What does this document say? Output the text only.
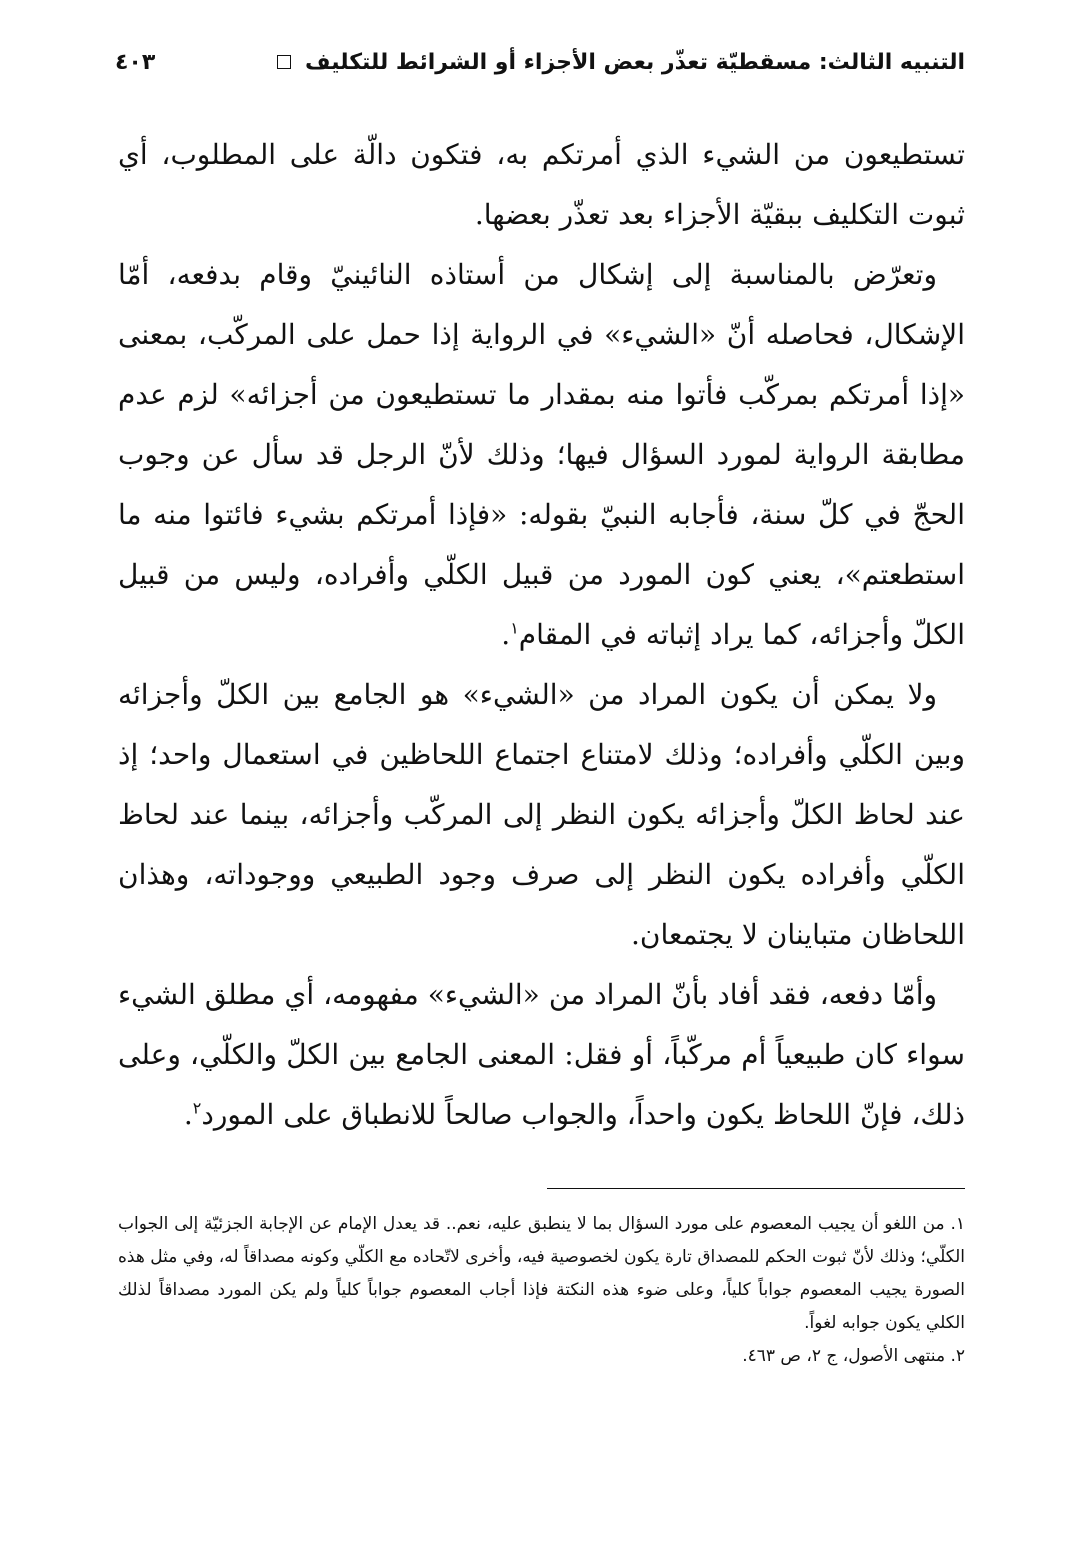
التنبيه الثالث: مسقطيّة تعذّر بعض الأجزاء أو الشرائط للتكليف
٤٠٣

تستطيعون من الشيء الذي أمرتكم به، فتكون دالّة على المطلوب، أي ثبوت التكليف ببقيّة الأجزاء بعد تعذّر بعضها.

وتعرّض بالمناسبة إلى إشكال من أستاذه النائينيّ وقام بدفعه، أمّا الإشكال، فحاصله أنّ «الشيء» في الرواية إذا حمل على المركّب، بمعنى «إذا أمرتكم بمركّب فأتوا منه بمقدار ما تستطيعون من أجزائه» لزم عدم مطابقة الرواية لمورد السؤال فيها؛ وذلك لأنّ الرجل قد سأل عن وجوب الحجّ في كلّ سنة، فأجابه النبيّ بقوله: «فإذا أمرتكم بشيء فائتوا منه ما استطعتم»، يعني كون المورد من قبيل الكلّي وأفراده، وليس من قبيل الكلّ وأجزائه، كما يراد إثباته في المقام$^١$.

ولا يمكن أن يكون المراد من «الشيء» هو الجامع بين الكلّ وأجزائه وبين الكلّي وأفراده؛ وذلك لامتناع اجتماع اللحاظين في استعمال واحد؛ إذ عند لحاظ الكلّ وأجزائه يكون النظر إلى المركّب وأجزائه، بينما عند لحاظ الكلّي وأفراده يكون النظر إلى صرف وجود الطبيعي ووجوداته، وهذان اللحاظان متباينان لا يجتمعان.

وأمّا دفعه، فقد أفاد بأنّ المراد من «الشيء» مفهومه، أي مطلق الشيء سواء كان طبيعياً أم مركّباً، أو فقل: المعنى الجامع بين الكلّ والكلّي، وعلى ذلك، فإنّ اللحاظ يكون واحداً، والجواب صالحاً للانطباق على المورد$^٢$.

١. من اللغو أن يجيب المعصوم على مورد السؤال بما لا ينطبق عليه، نعم.. قد يعدل الإمام عن الإجابة الجزئيّة إلى الجواب الكلّي؛ وذلك لأنّ ثبوت الحكم للمصداق تارة يكون لخصوصية فيه، وأخرى لاتّحاده مع الكلّي وكونه مصداقاً له، وفي مثل هذه الصورة يجيب المعصوم جواباً كلياً، وعلى ضوء هذه النكتة فإذا أجاب المعصوم جواباً كلياً ولم يكن المورد مصداقاً لذلك الكلي يكون جوابه لغواً.

٢. منتهى الأصول، ج ٢، ص ٤٦٣.
